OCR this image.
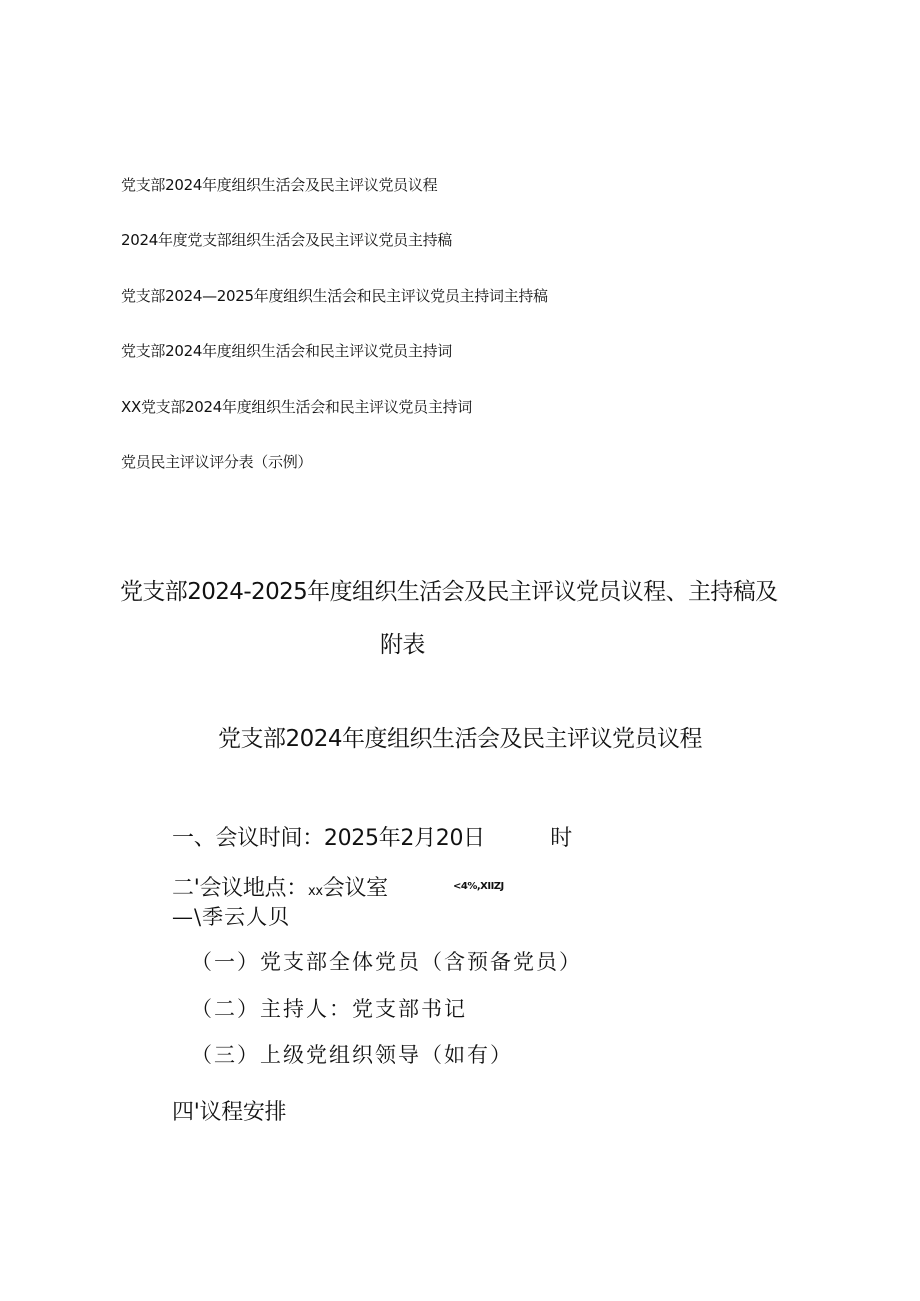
党支部2024年度组织生活会及民主评议党员议程
2024年度党支部组织生活会及民主评议党员主持稿
党支部2024—2025年度组织生活会和民主评议党员主持词主持稿
党支部2024年度组织生活会和民主评议党员主持词
XX党支部2024年度组织生活会和民主评议党员主持词
党员民主评议评分表（示例）
党支部2024-2025年度组织生活会及民主评议党员议程、主持稿及
附表
党支部2024年度组织生活会及民主评议党员议程
一、会议时间：2025年2月20日	时
二'会议地点：xx会议室	<4%,XIIZJ
—\季云人贝
（一）党支部全体党员（含预备党员）
（二）主持人：党支部书记
（三）上级党组织领导（如有）
四'议程安排
